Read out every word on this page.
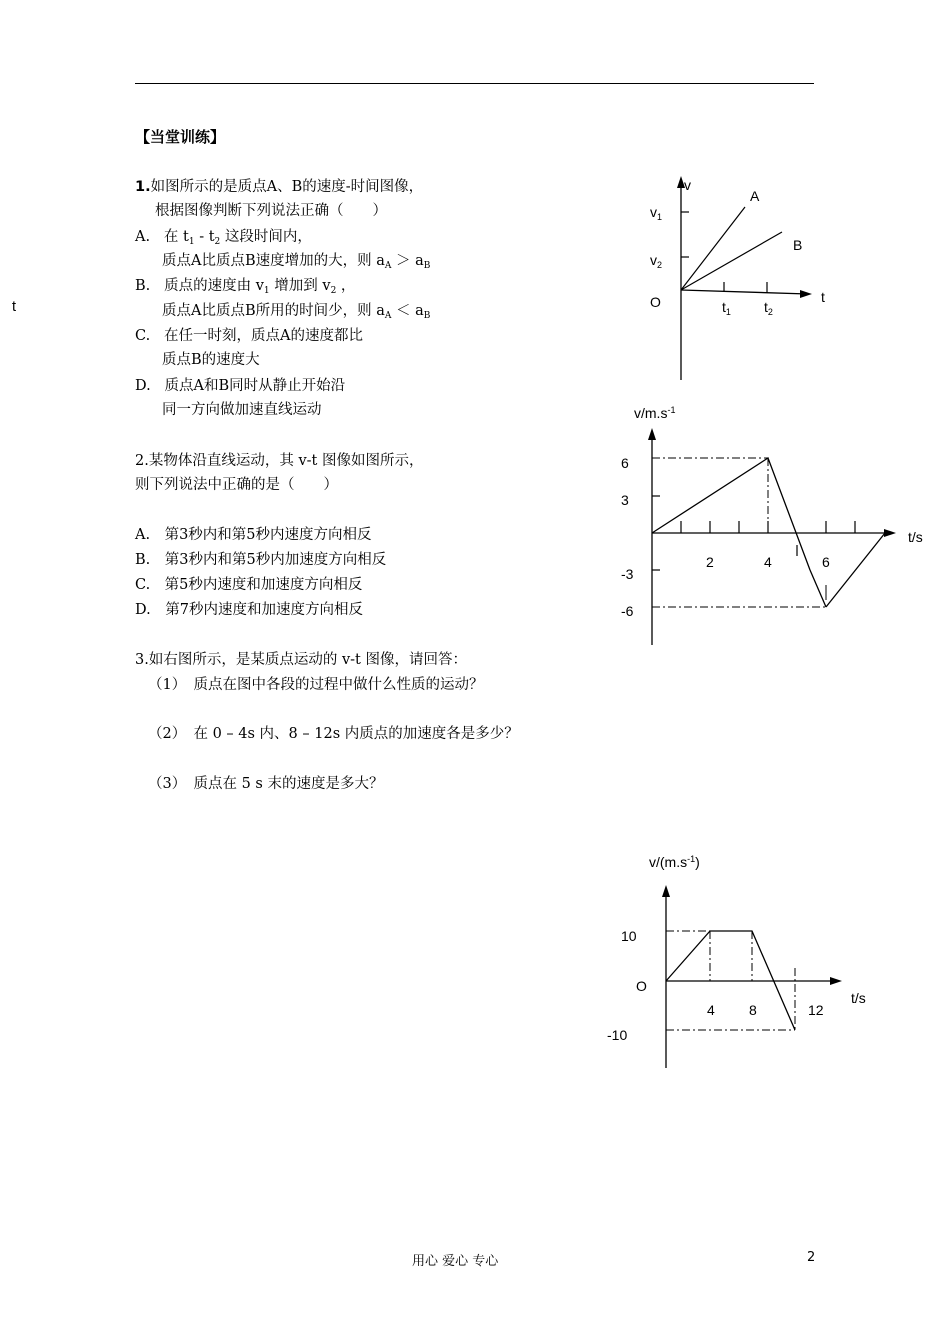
【当堂训练】
t
1.如图所示的是质点A、B的速度-时间图像，
根据图像判断下列说法正确（　　）
A. 在 $t_1 - t_2$ 这段时间内，
质点A比质点B速度增加的大，则 $a_A > a_B$
B. 质点的速度由 $v_1$ 增加到 $v_2$ ，
质点A比质点B所用的时间少，则 $a_A < a_B$
C. 在任一时刻，质点A的速度都比
质点B的速度大
D. 质点A和B同时从静止开始沿
同一方向做加速直线运动
2.某物体沿直线运动，其 v-t 图像如图所示，
则下列说法中正确的是（　　）
A.　第3秒内和第5秒内速度方向相反
B.　第3秒内和第5秒内加速度方向相反
C.　第5秒内速度和加速度方向相反
D.　第7秒内速度和加速度方向相反
3.如右图所示，是某质点运动的 v-t 图像，请回答：
（1）　质点在图中各段的过程中做什么性质的运动？
（2）　在 0 – 4s 内、8 – 12s 内质点的加速度各是多少？
（3）　质点在 5 s 末的速度是多大？
v
t
O
A
B
$v_1$
$v_2$
$t_1$ $t_2$
$v/m.s^{-1}$
t/s
6
3
-3
-6
2	4	6
$v/(m.s^{-1})$
t/s
O
10
-10
4 8	12
用心 爱心 专心	2
